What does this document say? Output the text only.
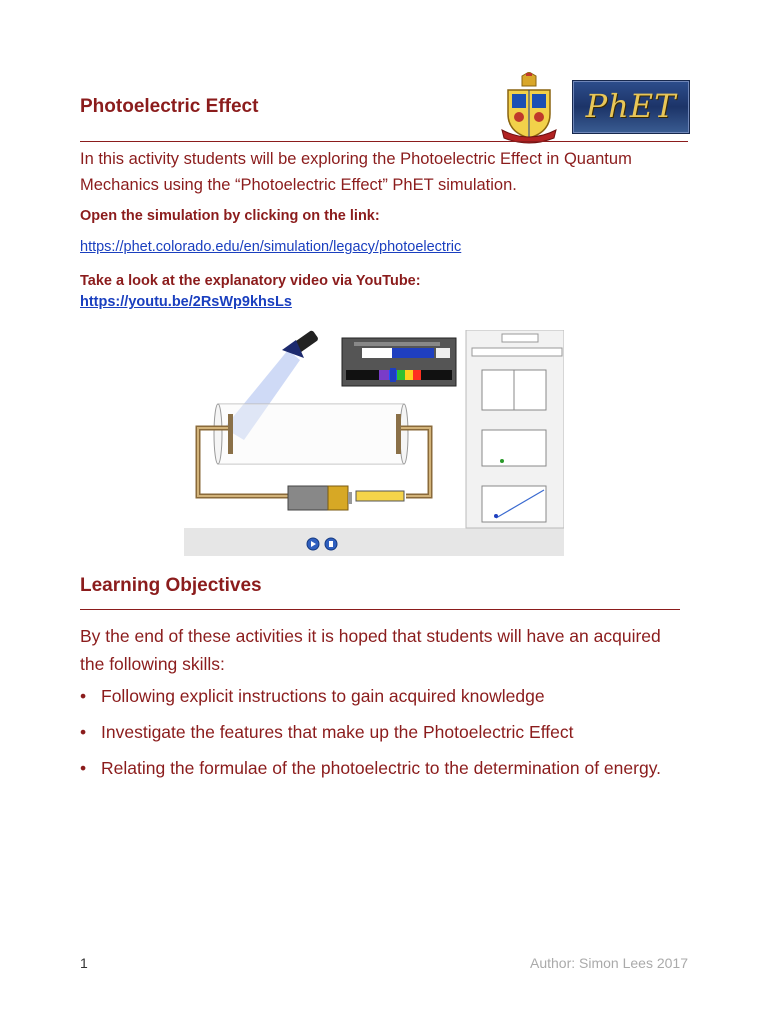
Photoelectric Effect	PhET
In this activity students will be exploring the Photoelectric Effect in Quantum Mechanics using the “Photoelectric Effect” PhET simulation.
Open the simulation by clicking on the link:
https://phet.colorado.edu/en/simulation/legacy/photoelectric
Take a look at the explanatory video via YouTube:
https://youtu.be/2RsWp9khsLs
Learning Objectives
By the end of these activities it is hoped that students will have an acquired the following skills:
• Following explicit instructions to gain acquired knowledge
• Investigate the features that make up the Photoelectric Effect
• Relating the formulae of the photoelectric to the determination of energy.
1	Author: Simon Lees 2017
